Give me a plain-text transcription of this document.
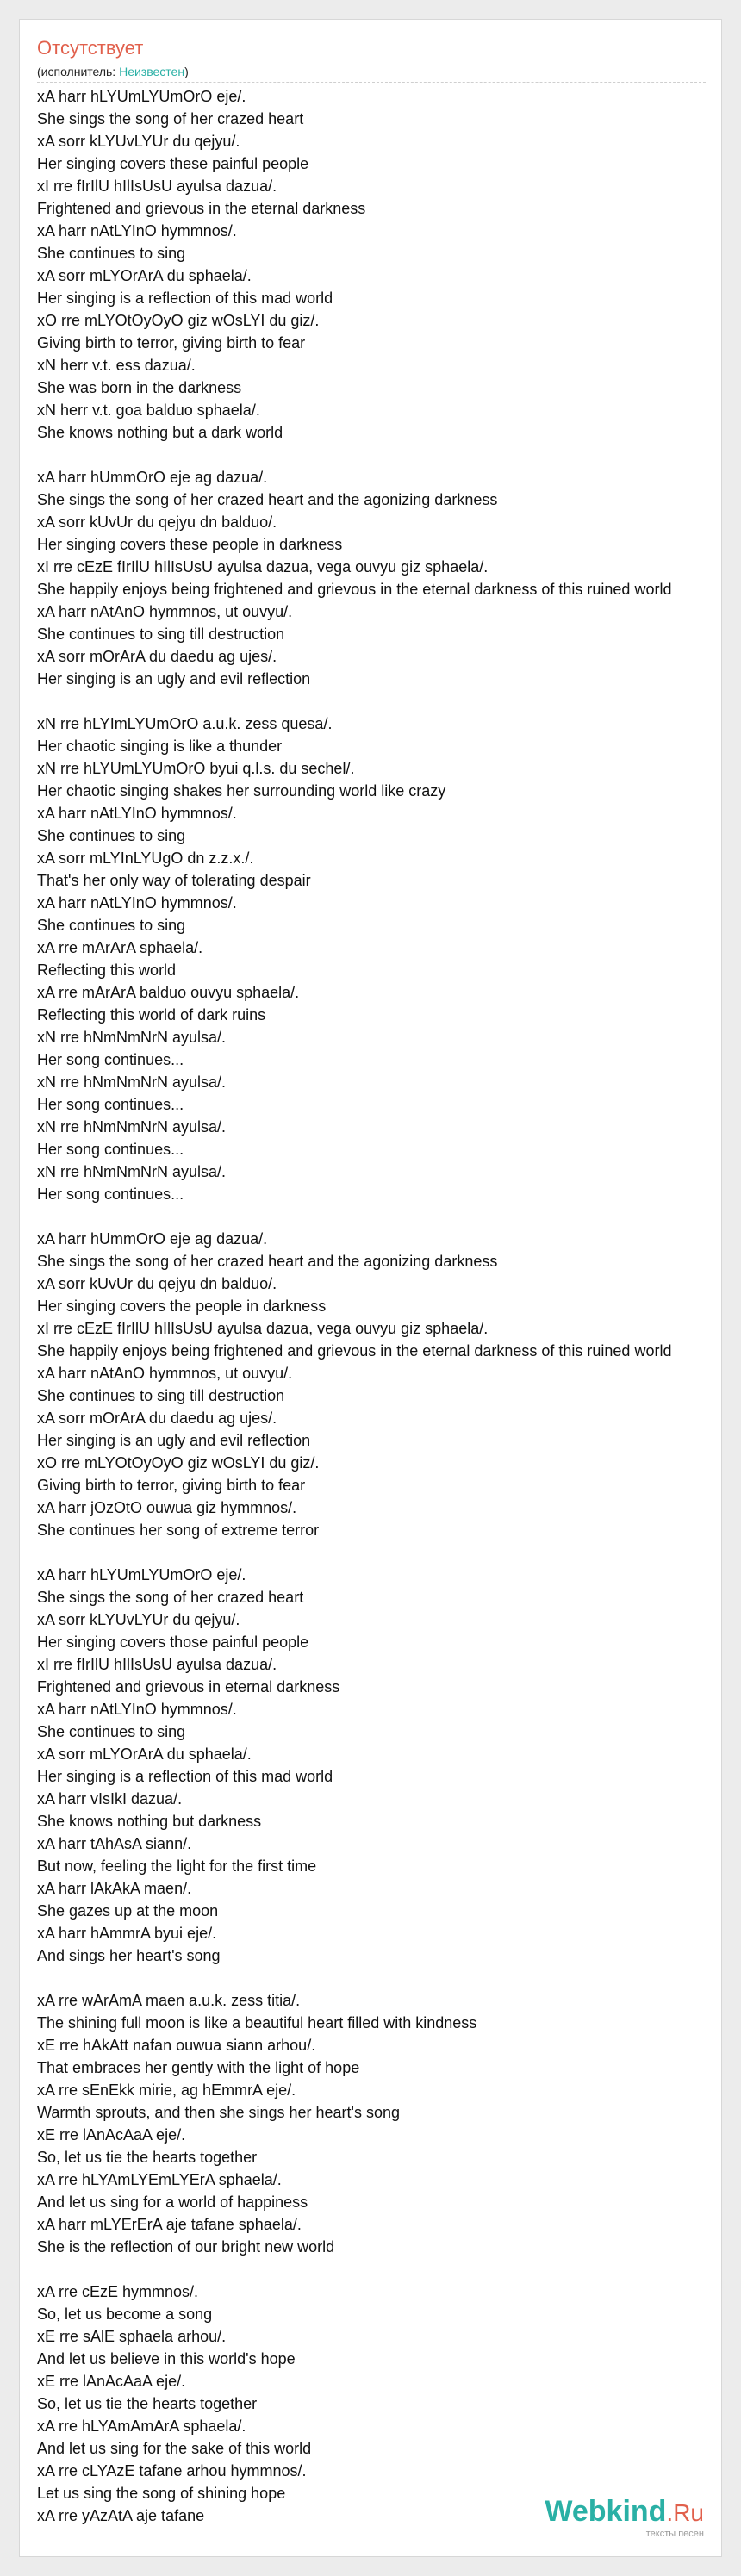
Отсутствует
(исполнитель: Неизвестен)
xA harr hLYUmLYUmOrO eje/.
She sings the song of her crazed heart
xA sorr kLYUvLYUr du qejyu/.
Her singing covers these painful people
xI rre fIrIlU hIlIsUsU ayulsa dazua/.
Frightened and grievous in the eternal darkness
xA harr nAtLYInO hymmnos/.
She continues to sing
xA sorr mLYOrArA du sphaela/.
Her singing is a reflection of this mad world
xO rre mLYOtOyOyO giz wOsLYI du giz/.
Giving birth to terror, giving birth to fear
xN herr v.t. ess dazua/.
She was born in the darkness
xN herr v.t. goa balduo sphaela/.
She knows nothing but a dark world
xA harr hUmmOrO eje ag dazua/.
She sings the song of her crazed heart and the agonizing darkness
xA sorr kUvUr du qejyu dn balduo/.
Her singing covers these people in darkness
xI rre cEzE fIrIlU hIlIsUsU ayulsa dazua, vega ouvyu giz sphaela/.
She happily enjoys being frightened and grievous in the eternal darkness of this ruined world
xA harr nAtAnO hymmnos, ut ouvyu/.
She continues to sing till destruction
xA sorr mOrArA du daedu ag ujes/.
Her singing is an ugly and evil reflection
xN rre hLYImLYUmOrO a.u.k. zess quesa/.
Her chaotic singing is like a thunder
xN rre hLYUmLYUmOrO byui q.l.s. du sechel/.
Her chaotic singing shakes her surrounding world like crazy
xA harr nAtLYInO hymmnos/.
She continues to sing
xA sorr mLYInLYUgO dn z.z.x./.
That's her only way of tolerating despair
xA harr nAtLYInO hymmnos/.
She continues to sing
xA rre mArArA sphaela/.
Reflecting this world
xA rre mArArA balduo ouvyu sphaela/.
Reflecting this world of dark ruins
xN rre hNmNmNrN ayulsa/.
Her song continues...
xN rre hNmNmNrN ayulsa/.
Her song continues...
xN rre hNmNmNrN ayulsa/.
Her song continues...
xN rre hNmNmNrN ayulsa/.
Her song continues...
xA harr hUmmOrO eje ag dazua/.
She sings the song of her crazed heart and the agonizing darkness
xA sorr kUvUr du qejyu dn balduo/.
Her singing covers the people in darkness
xI rre cEzE fIrIlU hIlIsUsU ayulsa dazua, vega ouvyu giz sphaela/.
She happily enjoys being frightened and grievous in the eternal darkness of this ruined world
xA harr nAtAnO hymmnos, ut ouvyu/.
She continues to sing till destruction
xA sorr mOrArA du daedu ag ujes/.
Her singing is an ugly and evil reflection
xO rre mLYOtOyOyO giz wOsLYI du giz/.
Giving birth to terror, giving birth to fear
xA harr jOzOtO ouwua giz hymmnos/.
She continues her song of extreme terror
xA harr hLYUmLYUmOrO eje/.
She sings the song of her crazed heart
xA sorr kLYUvLYUr du qejyu/.
Her singing covers those painful people
xI rre fIrIlU hIlIsUsU ayulsa dazua/.
Frightened and grievous in eternal darkness
xA harr nAtLYInO hymmnos/.
She continues to sing
xA sorr mLYOrArA du sphaela/.
Her singing is a reflection of this mad world
xA harr vIsIkI dazua/.
She knows nothing but darkness
xA harr tAhAsA siann/.
But now, feeling the light for the first time
xA harr lAkAkA maen/.
She gazes up at the moon
xA harr hAmmrA byui eje/.
And sings her heart's song
xA rre wArAmA maen a.u.k. zess titia/.
The shining full moon is like a beautiful heart filled with kindness
xE rre hAkAtt nafan ouwua siann arhou/.
That embraces her gently with the light of hope
xA rre sEnEkk mirie, ag hEmmrA eje/.
Warmth sprouts, and then she sings her heart's song
xE rre lAnAcAaA eje/.
So, let us tie the hearts together
xA rre hLYAmLYEmLYErA sphaela/.
And let us sing for a world of happiness
xA harr mLYErErA aje tafane sphaela/.
She is the reflection of our bright new world
xA rre cEzE hymmnos/.
So, let us become a song
xE rre sAlE sphaela arhou/.
And let us believe in this world's hope
xE rre lAnAcAaA eje/.
So, let us tie the hearts together
xA rre hLYAmAmArA sphaela/.
And let us sing for the sake of this world
xA rre cLYAzE tafane arhou hymmnos/.
Let us sing the song of shining hope
xA rre yAzAtA aje tafane	Webkind.Ru
тексты песен
